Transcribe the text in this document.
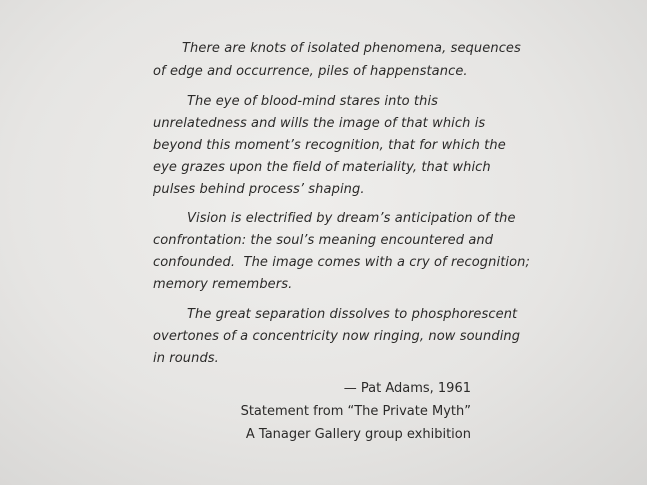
There are knots of isolated phenomena, sequences
of edge and occurrence, piles of happenstance.
The eye of blood-mind stares into this
unrelatedness and wills the image of that which is
beyond this moment’s recognition, that for which the
eye grazes upon the field of materiality, that which
pulses behind process’ shaping.
Vision is electrified by dream’s anticipation of the
confrontation: the soul’s meaning encountered and
confounded.  The image comes with a cry of recognition;
memory remembers.
The great separation dissolves to phosphorescent
overtones of a concentricity now ringing, now sounding
in rounds.
— Pat Adams, 1961
Statement from “The Private Myth”
A Tanager Gallery group exhibition
